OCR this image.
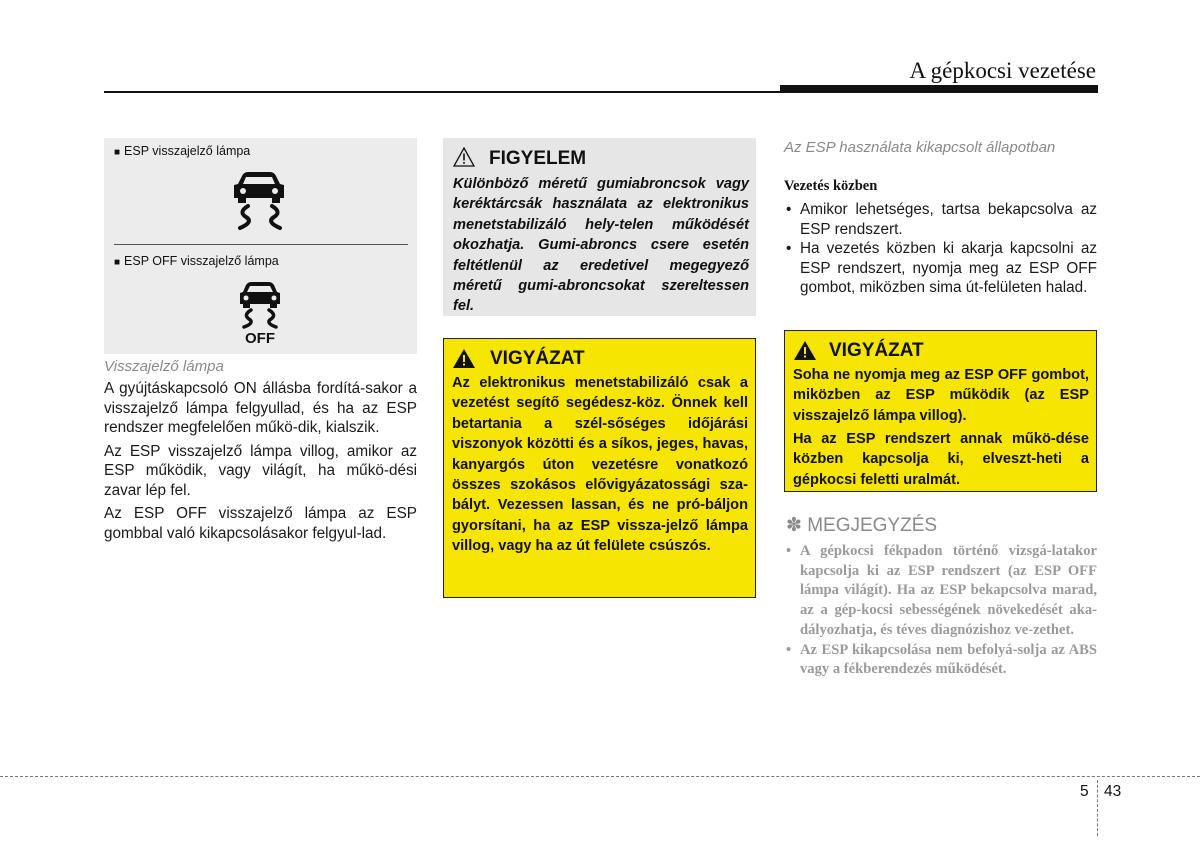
A gépkocsi vezetése
■ ESP visszajelző lámpa
■ ESP OFF visszajelző lámpa
OFF
Visszajelző lámpa

A gyújtáskapcsoló ON állásba fordítá-sakor a visszajelző lámpa felgyullad, és ha az ESP rendszer megfelelően műkö-dik, kialszik.

Az ESP visszajelző lámpa villog, amikor az ESP működik, vagy világít, ha műkö-dési zavar lép fel.

Az ESP OFF visszajelző lámpa az ESP gombbal való kikapcsolásakor felgyul-lad.

FIGYELEM
Különböző méretű gumiabroncsok vagy keréktárcsák használata az elektronikus menetstabilizáló hely-telen működését okozhatja. Gumi-abroncs csere esetén feltétlenül az eredetivel megegyező méretű gumi-abroncsokat szereltessen fel.
VIGYÁZAT
Az elektronikus menetstabilizáló csak a vezetést segítő segédesz-köz. Önnek kell betartania a szél-sőséges időjárási viszonyok közötti és a síkos, jeges, havas, kanyargós úton vezetésre vonatkozó összes szokásos elővigyázatossági sza-bályt. Vezessen lassan, és ne pró-báljon gyorsítani, ha az ESP vissza-jelző lámpa villog, vagy ha az út felülete csúszós.
Az ESP használata kikapcsolt állapotban
Vezetés közben
• Amikor lehetséges, tartsa bekapcsolva az ESP rendszert.
• Ha vezetés közben ki akarja kapcsolni az ESP rendszert, nyomja meg az ESP OFF gombot, miközben sima út-felületen halad.
VIGYÁZAT
Soha ne nyomja meg az ESP OFF gombot, miközben az ESP működik (az ESP visszajelző lámpa villog).
Ha az ESP rendszert annak műkö-dése közben kapcsolja ki, elveszt-heti a gépkocsi feletti uralmát.
✽ MEGJEGYZÉS
• A gépkocsi fékpadon történő vizsgá-latakor kapcsolja ki az ESP rendszert (az ESP OFF lámpa világít). Ha az ESP bekapcsolva marad, az a gép-kocsi sebességének növekedését aka-dályozhatja, és téves diagnózishoz ve-zethet.
• Az ESP kikapcsolása nem befolyá-solja az ABS vagy a fékberendezés működését.
5 43
